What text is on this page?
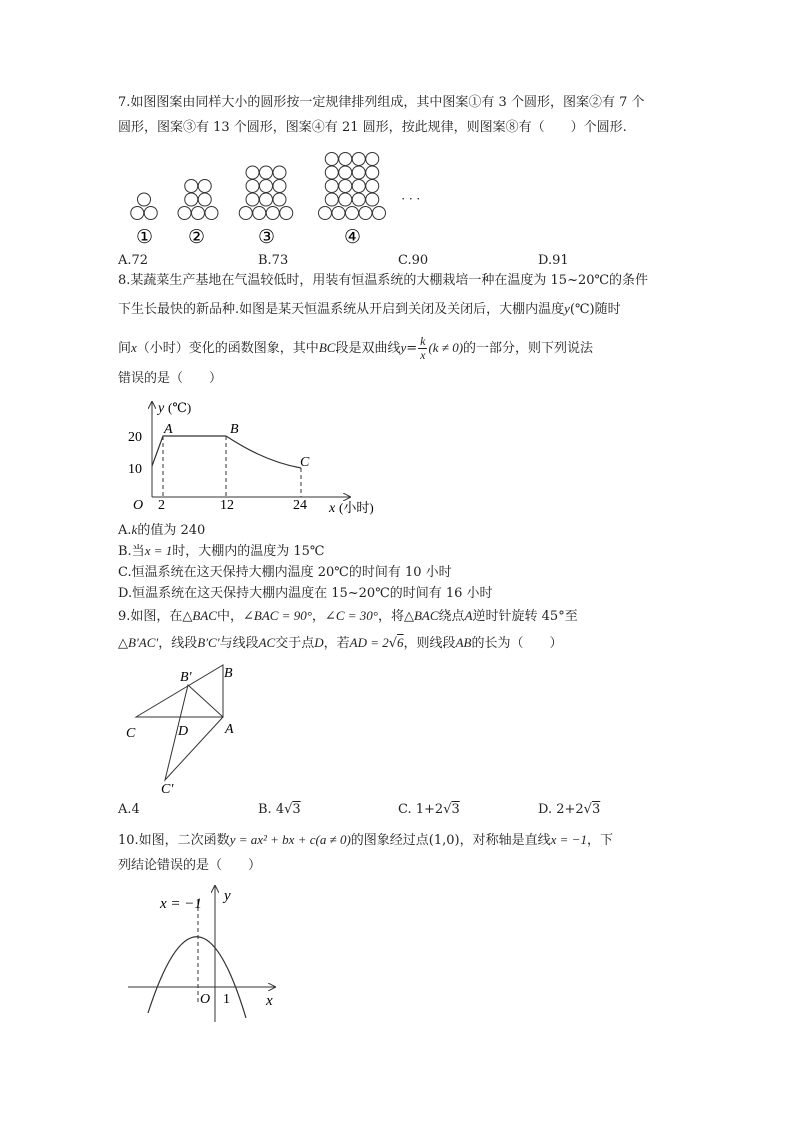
7.如图图案由同样大小的圆形按一定规律排列组成，其中图案①有 3 个圆形，图案②有 7 个
圆形，图案③有 13 个圆形，图案④有 21 圆形，按此规律，则图案⑧有（　　）个圆形.
① ②	③	④
· · ·
A.72	B.73	C.90	D.91
8.某蔬菜生产基地在气温较低时，用装有恒温系统的大棚栽培一种在温度为 15~20℃的条件
下生长最快的新品种.如图是某天恒温系统从开启到关闭及关闭后，大棚内温度y(℃)随时
间x（小时）变化的函数图象，其中BC段是双曲线$y= \frac{k}{x} (k \ne 0)$的一部分，则下列说法
错误的是（　　）
y (℃)
20
10
O 2	12	24 x (小时)
A	B
C
A.k的值为 240
B.当x = 1时，大棚内的温度为 15℃
C.恒温系统在这天保持大棚内温度 20℃的时间有 10 小时
D.恒温系统在这天保持大棚内温度在 15~20℃的时间有 16 小时
9.如图，在△BAC中，∠BAC = 90°，∠C = 30°，将△BAC绕点A逆时针旋转 45°至
△B′AC′，线段B′C′与线段AC交于点D，若AD = 2√6，则线段AB的长为（　　）
B′ B
C	D	A
C′
A.4	B. 4√3	C. 1+2√3	D. 2+2√3
10.如图，二次函数y = ax² + bx + c(a ≠ 0)的图象经过点(1,0)，对称轴是直线x = −1，下
列结论错误的是（　　）
x = −1 y
O 1 x
